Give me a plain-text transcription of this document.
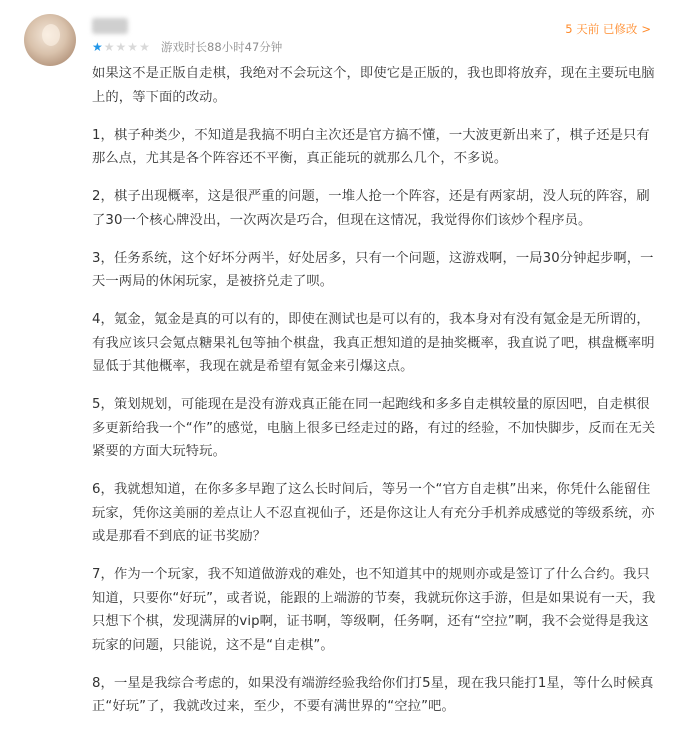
★★★★★ 游戏时长88小时47分钟
5 天前 已修改 >

如果这不是正版自走棋，我绝对不会玩这个，即使它是正版的，我也即将放弃，现在主要玩电脑上的，等下面的改动。

1，棋子种类少，不知道是我搞不明白主次还是官方搞不懂，一大波更新出来了，棋子还是只有那么点，尤其是各个阵容还不平衡，真正能玩的就那么几个，不多说。

2，棋子出现概率，这是很严重的问题，一堆人抢一个阵容，还是有两家胡，没人玩的阵容，刷了30一个核心牌没出，一次两次是巧合，但现在这情况，我觉得你们该炒个程序员。

3，任务系统，这个好坏分两半，好处居多，只有一个问题，这游戏啊，一局30分钟起步啊，一天一两局的休闲玩家，是被挤兑走了呗。

4，氪金，氪金是真的可以有的，即使在测试也是可以有的，我本身对有没有氪金是无所谓的，有我应该只会氪点糖果礼包等抽个棋盘，我真正想知道的是抽奖概率，我直说了吧，棋盘概率明显低于其他概率，我现在就是希望有氪金来引爆这点。

5，策划规划，可能现在是没有游戏真正能在同一起跑线和多多自走棋较量的原因吧，自走棋很多更新给我一个“作”的感觉，电脑上很多已经走过的路，有过的经验，不加快脚步，反而在无关紧要的方面大玩特玩。

6，我就想知道，在你多多早跑了这么长时间后，等另一个“官方自走棋”出来，你凭什么能留住玩家，凭你这美丽的差点让人不忍直视仙子，还是你这让人有充分手机养成感觉的等级系统，亦或是那看不到底的证书奖励？

7，作为一个玩家，我不知道做游戏的难处，也不知道其中的规则亦或是签订了什么合约。我只知道，只要你“好玩”，或者说，能跟的上端游的节奏，我就玩你这手游，但是如果说有一天，我只想下个棋，发现满屏的vip啊，证书啊，等级啊，任务啊，还有“空拉”啊，我不会觉得是我这玩家的问题，只能说，这不是“自走棋”。

8，一星是我综合考虑的，如果没有端游经验我给你们打5星，现在我只能打1星，等什么时候真正“好玩”了，我就改过来，至少，不要有满世界的“空拉”吧。
